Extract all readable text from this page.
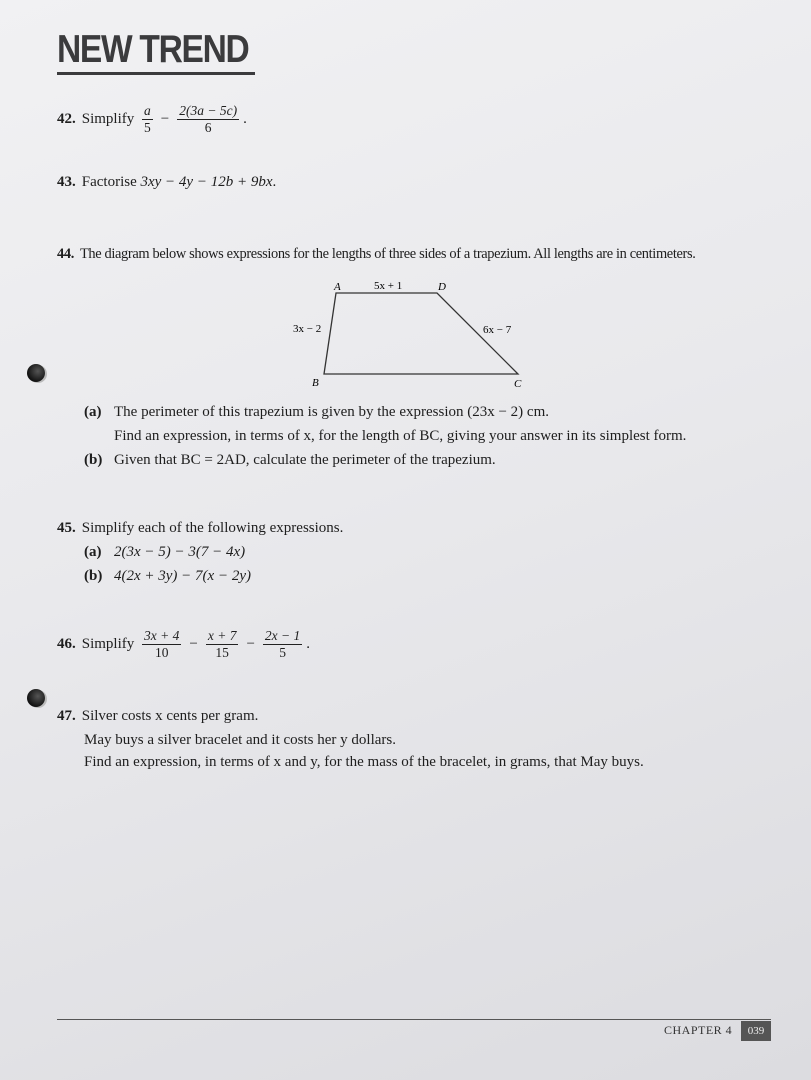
NEW TREND
42. Simplify $\frac{a}{5} - \frac{2(3a - 5c)}{6}$ .
43. Factorise 3xy − 4y − 12b + 9bx.
44. The diagram below shows expressions for the lengths of three sides of a trapezium. All lengths are in centimeters.
A	D
B	C
5x + 1
3x − 2	6x − 7
(a) The perimeter of this trapezium is given by the expression (23x − 2) cm.
Find an expression, in terms of x, for the length of BC, giving your answer in its simplest form.
(b) Given that BC = 2AD, calculate the perimeter of the trapezium.
45. Simplify each of the following expressions.
(a) 2(3x − 5) − 3(7 − 4x)
(b) 4(2x + 3y) − 7(x − 2y)
46. Simplify $\frac{3x + 4}{10} - \frac{x + 7}{15} - \frac{2x - 1}{5}$ .
47. Silver costs x cents per gram.
May buys a silver bracelet and it costs her y dollars.
Find an expression, in terms of x and y, for the mass of the bracelet, in grams, that May buys.
CHAPTER 4	039
